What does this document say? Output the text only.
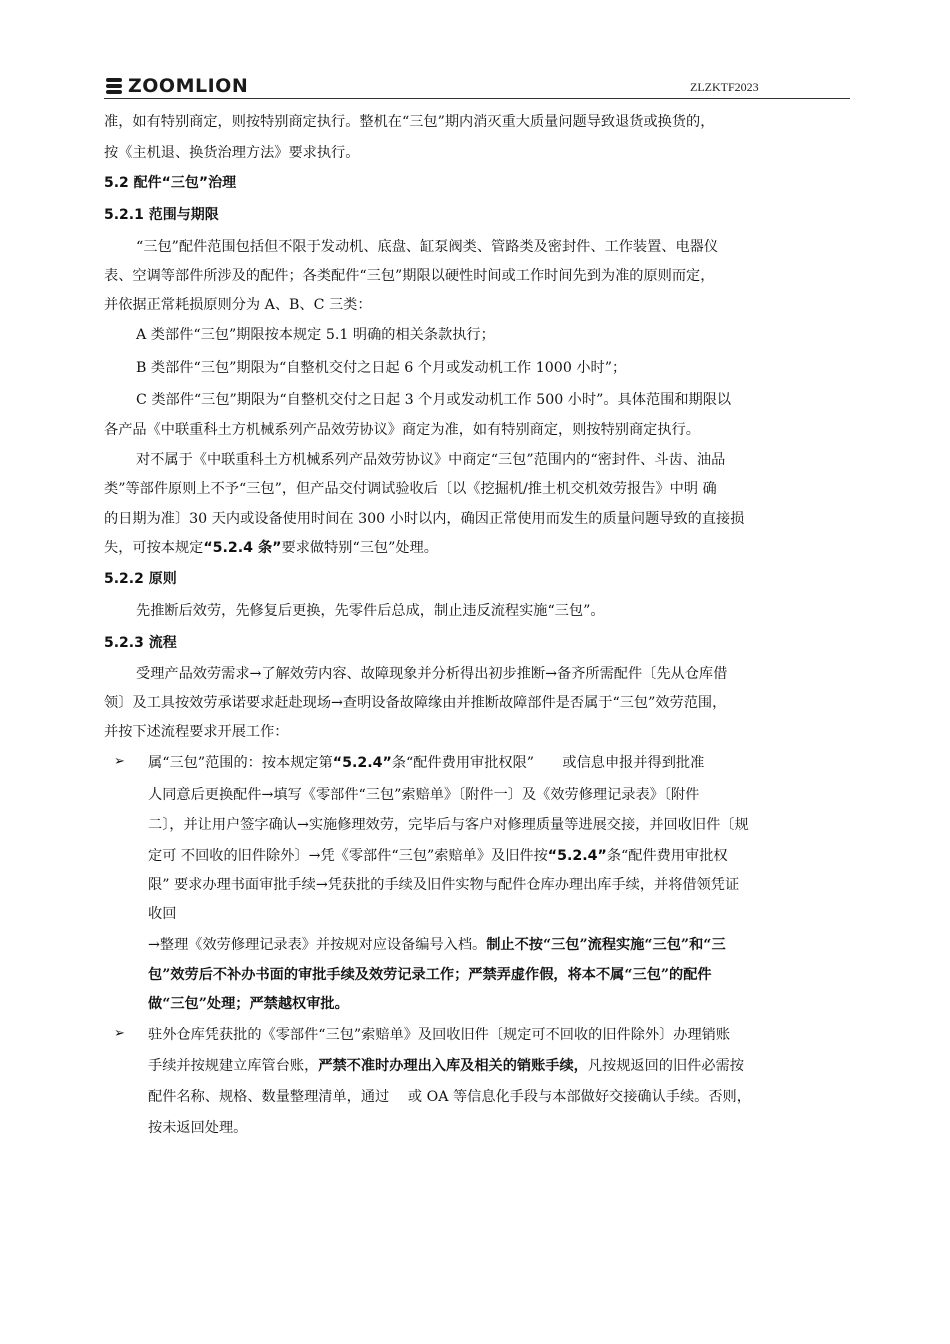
ZOOMLION	ZLZKTF2023
准，如有特别商定，则按特别商定执行。整机在“三包”期内消灭重大质量问题导致退货或换货的，
按《主机退、换货治理方法》要求执行。
5.2 配件“三包”治理
5.2.1 范围与期限
“三包”配件范围包括但不限于发动机、底盘、缸泵阀类、管路类及密封件、工作装置、电器仪
表、空调等部件所涉及的配件；各类配件“三包”期限以硬性时间或工作时间先到为准的原则而定，
并依据正常耗损原则分为 A、B、C 三类：
A 类部件“三包”期限按本规定 5.1 明确的相关条款执行；
B 类部件“三包”期限为“自整机交付之日起 6 个月或发动机工作 1000 小时”；
C 类部件“三包”期限为“自整机交付之日起 3 个月或发动机工作 500 小时”。具体范围和期限以
各产品《中联重科土方机械系列产品效劳协议》商定为准，如有特别商定，则按特别商定执行。
对不属于《中联重科土方机械系列产品效劳协议》中商定“三包”范围内的“密封件、斗齿、油品
类”等部件原则上不予“三包”，但产品交付调试验收后〔以《挖掘机/推土机交机效劳报告》中明 确
的日期为准〕30 天内或设备使用时间在 300 小时以内，确因正常使用而发生的质量问题导致的直接损
失，可按本规定“5.2.4 条”要求做特别“三包”处理。
5.2.2 原则
先推断后效劳，先修复后更换，先零件后总成，制止违反流程实施“三包”。
5.2.3 流程
受理产品效劳需求→了解效劳内容、故障现象并分析得出初步推断→备齐所需配件〔先从仓库借
领〕及工具按效劳承诺要求赶赴现场→查明设备故障缘由并推断故障部件是否属于“三包”效劳范围，
并按下述流程要求开展工作：
➢ 属“三包”范围的：按本规定第“5.2.4”条“配件费用审批权限”　　或信息申报并得到批准
人同意后更换配件→填写《零部件“三包”索赔单》〔附件一〕及《效劳修理记录表》〔附件
二〕，并让用户签字确认→实施修理效劳，完毕后与客户对修理质量等进展交接，并回收旧件〔规
定可 不回收的旧件除外〕→凭《零部件“三包”索赔单》及旧件按“5.2.4”条“配件费用审批权
限” 要求办理书面审批手续→凭获批的手续及旧件实物与配件仓库办理出库手续，并将借领凭证
收回
→整理《效劳修理记录表》并按规对应设备编号入档。制止不按“三包”流程实施“三包”和“三
包”效劳后不补办书面的审批手续及效劳记录工作；严禁弄虚作假，将本不属“三包”的配件
做“三包”处理；严禁越权审批。
➢ 驻外仓库凭获批的《零部件“三包”索赔单》及回收旧件〔规定可不回收的旧件除外〕办理销账
手续并按规建立库管台账，严禁不准时办理出入库及相关的销账手续，凡按规返回的旧件必需按
配件名称、规格、数量整理清单，通过　 或 OA 等信息化手段与本部做好交接确认手续。否则，
按未返回处理。
